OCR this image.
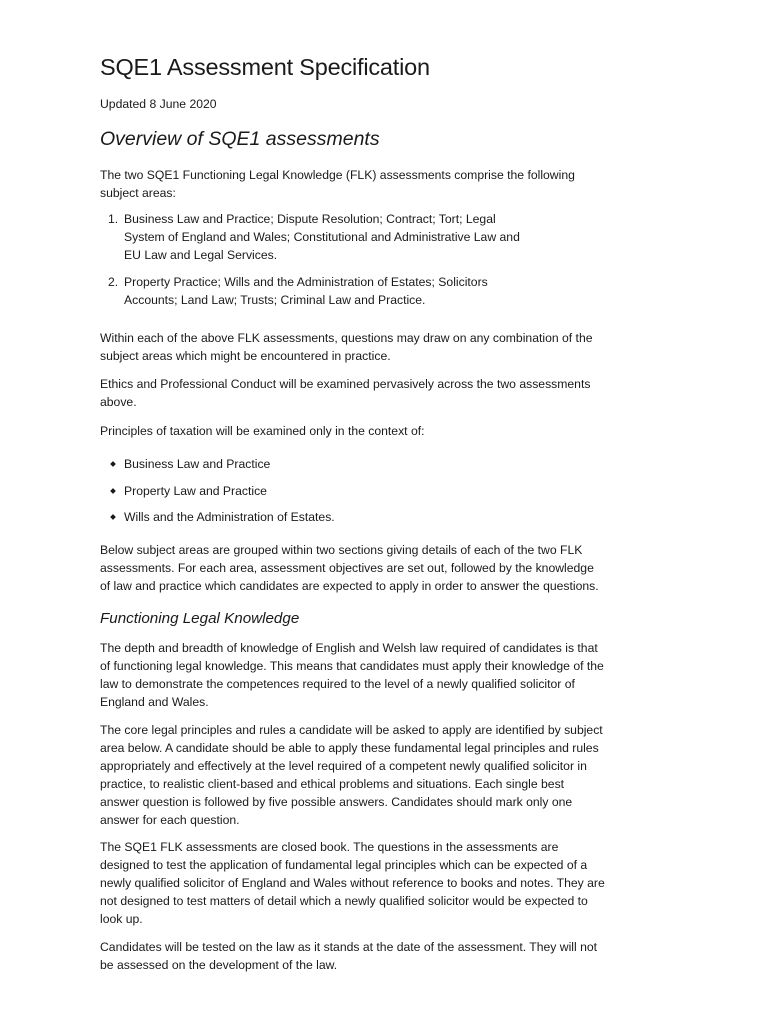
SQE1 Assessment Specification
Updated 8 June 2020
Overview of SQE1 assessments

The two SQE1 Functioning Legal Knowledge (FLK) assessments comprise the following subject areas:

1. Business Law and Practice; Dispute Resolution; Contract; Tort; Legal System of England and Wales; Constitutional and Administrative Law and EU Law and Legal Services.
2. Property Practice; Wills and the Administration of Estates; Solicitors Accounts; Land Law; Trusts; Criminal Law and Practice.

Within each of the above FLK assessments, questions may draw on any combination of the subject areas which might be encountered in practice.

Ethics and Professional Conduct will be examined pervasively across the two assessments above.

Principles of taxation will be examined only in the context of:

Business Law and Practice
Property Law and Practice
Wills and the Administration of Estates.

Below subject areas are grouped within two sections giving details of each of the two FLK assessments. For each area, assessment objectives are set out, followed by the knowledge of law and practice which candidates are expected to apply in order to answer the questions.

Functioning Legal Knowledge

The depth and breadth of knowledge of English and Welsh law required of candidates is that of functioning legal knowledge. This means that candidates must apply their knowledge of the law to demonstrate the competences required to the level of a newly qualified solicitor of England and Wales.

The core legal principles and rules a candidate will be asked to apply are identified by subject area below. A candidate should be able to apply these fundamental legal principles and rules appropriately and effectively at the level required of a competent newly qualified solicitor in practice, to realistic client-based and ethical problems and situations. Each single best answer question is followed by five possible answers. Candidates should mark only one answer for each question.

The SQE1 FLK assessments are closed book. The questions in the assessments are designed to test the application of fundamental legal principles which can be expected of a newly qualified solicitor of England and Wales without reference to books and notes. They are not designed to test matters of detail which a newly qualified solicitor would be expected to look up.

Candidates will be tested on the law as it stands at the date of the assessment. They will not be assessed on the development of the law.
